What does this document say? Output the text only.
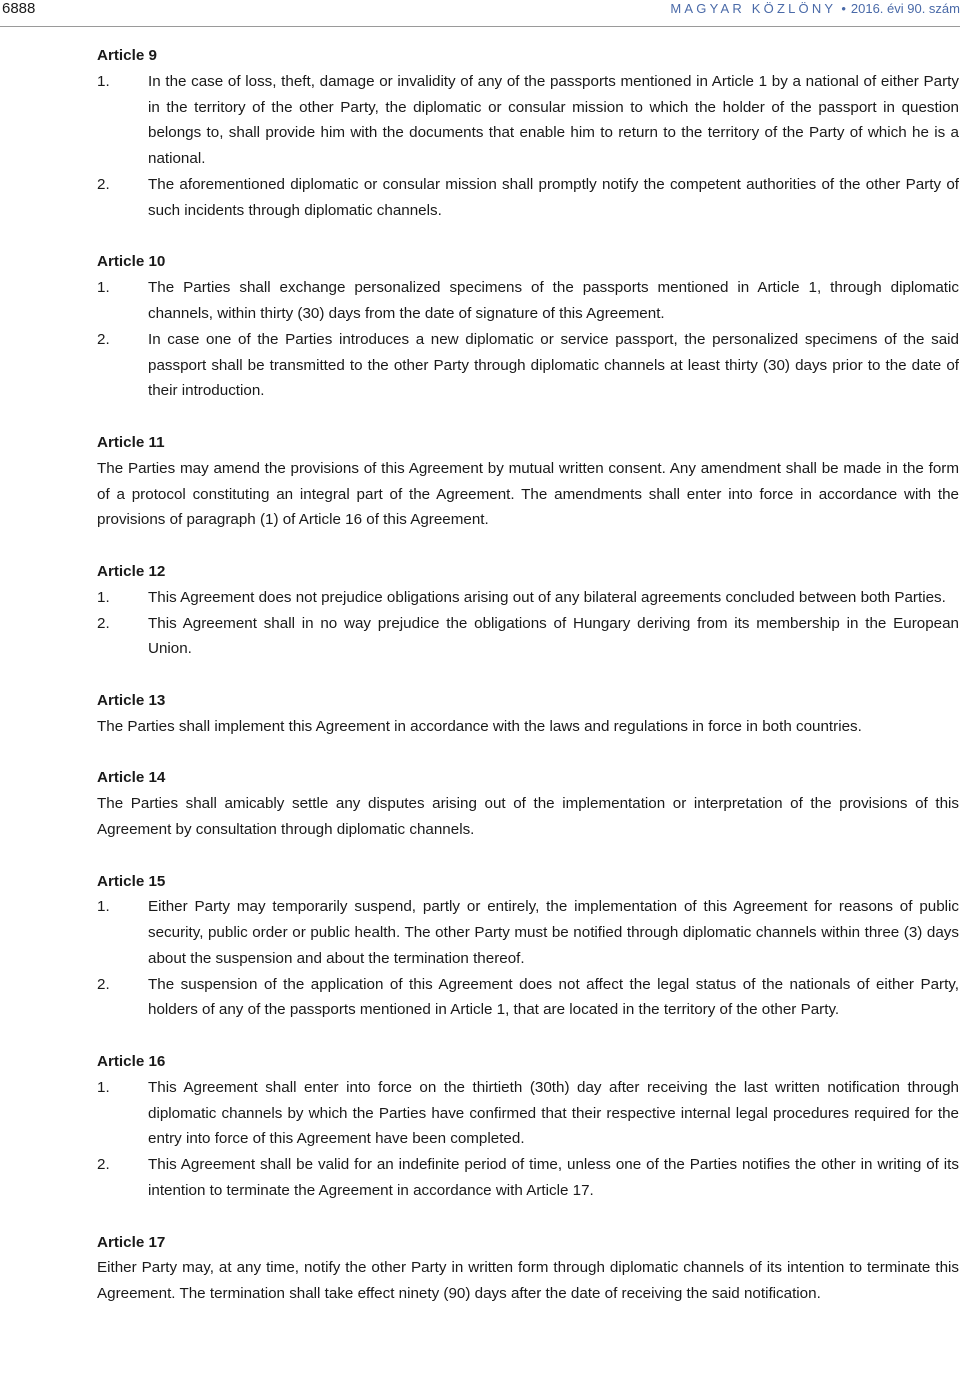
6888	MAGYAR KÖZLÖNY • 2016. évi 90. szám
Article 9
1.	In the case of loss, theft, damage or invalidity of any of the passports mentioned in Article 1 by a national of either Party in the territory of the other Party, the diplomatic or consular mission to which the holder of the passport in question belongs to, shall provide him with the documents that enable him to return to the territory of the Party of which he is a national.
2.	The aforementioned diplomatic or consular mission shall promptly notify the competent authorities of the other Party of such incidents through diplomatic channels.
Article 10
1.	The Parties shall exchange personalized specimens of the passports mentioned in Article 1, through diplomatic channels, within thirty (30) days from the date of signature of this Agreement.
2.	In case one of the Parties introduces a new diplomatic or service passport, the personalized specimens of the said passport shall be transmitted to the other Party through diplomatic channels at least thirty (30) days prior to the date of their introduction.
Article 11
The Parties may amend the provisions of this Agreement by mutual written consent. Any amendment shall be made in the form of a protocol constituting an integral part of the Agreement. The amendments shall enter into force in accordance with the provisions of paragraph (1) of Article 16 of this Agreement.
Article 12
1.	This Agreement does not prejudice obligations arising out of any bilateral agreements concluded between both Parties.
2.	This Agreement shall in no way prejudice the obligations of Hungary deriving from its membership in the European Union.
Article 13
The Parties shall implement this Agreement in accordance with the laws and regulations in force in both countries.
Article 14
The Parties shall amicably settle any disputes arising out of the implementation or interpretation of the provisions of this Agreement by consultation through diplomatic channels.
Article 15
1.	Either Party may temporarily suspend, partly or entirely, the implementation of this Agreement for reasons of public security, public order or public health. The other Party must be notified through diplomatic channels within three (3) days about the suspension and about the termination thereof.
2.	The suspension of the application of this Agreement does not affect the legal status of the nationals of either Party, holders of any of the passports mentioned in Article 1, that are located in the territory of the other Party.
Article 16
1.	This Agreement shall enter into force on the thirtieth (30th) day after receiving the last written notification through diplomatic channels by which the Parties have confirmed that their respective internal legal procedures required for the entry into force of this Agreement have been completed.
2.	This Agreement shall be valid for an indefinite period of time, unless one of the Parties notifies the other in writing of its intention to terminate the Agreement in accordance with Article 17.
Article 17
Either Party may, at any time, notify the other Party in written form through diplomatic channels of its intention to terminate this Agreement. The termination shall take effect ninety (90) days after the date of receiving the said notification.
